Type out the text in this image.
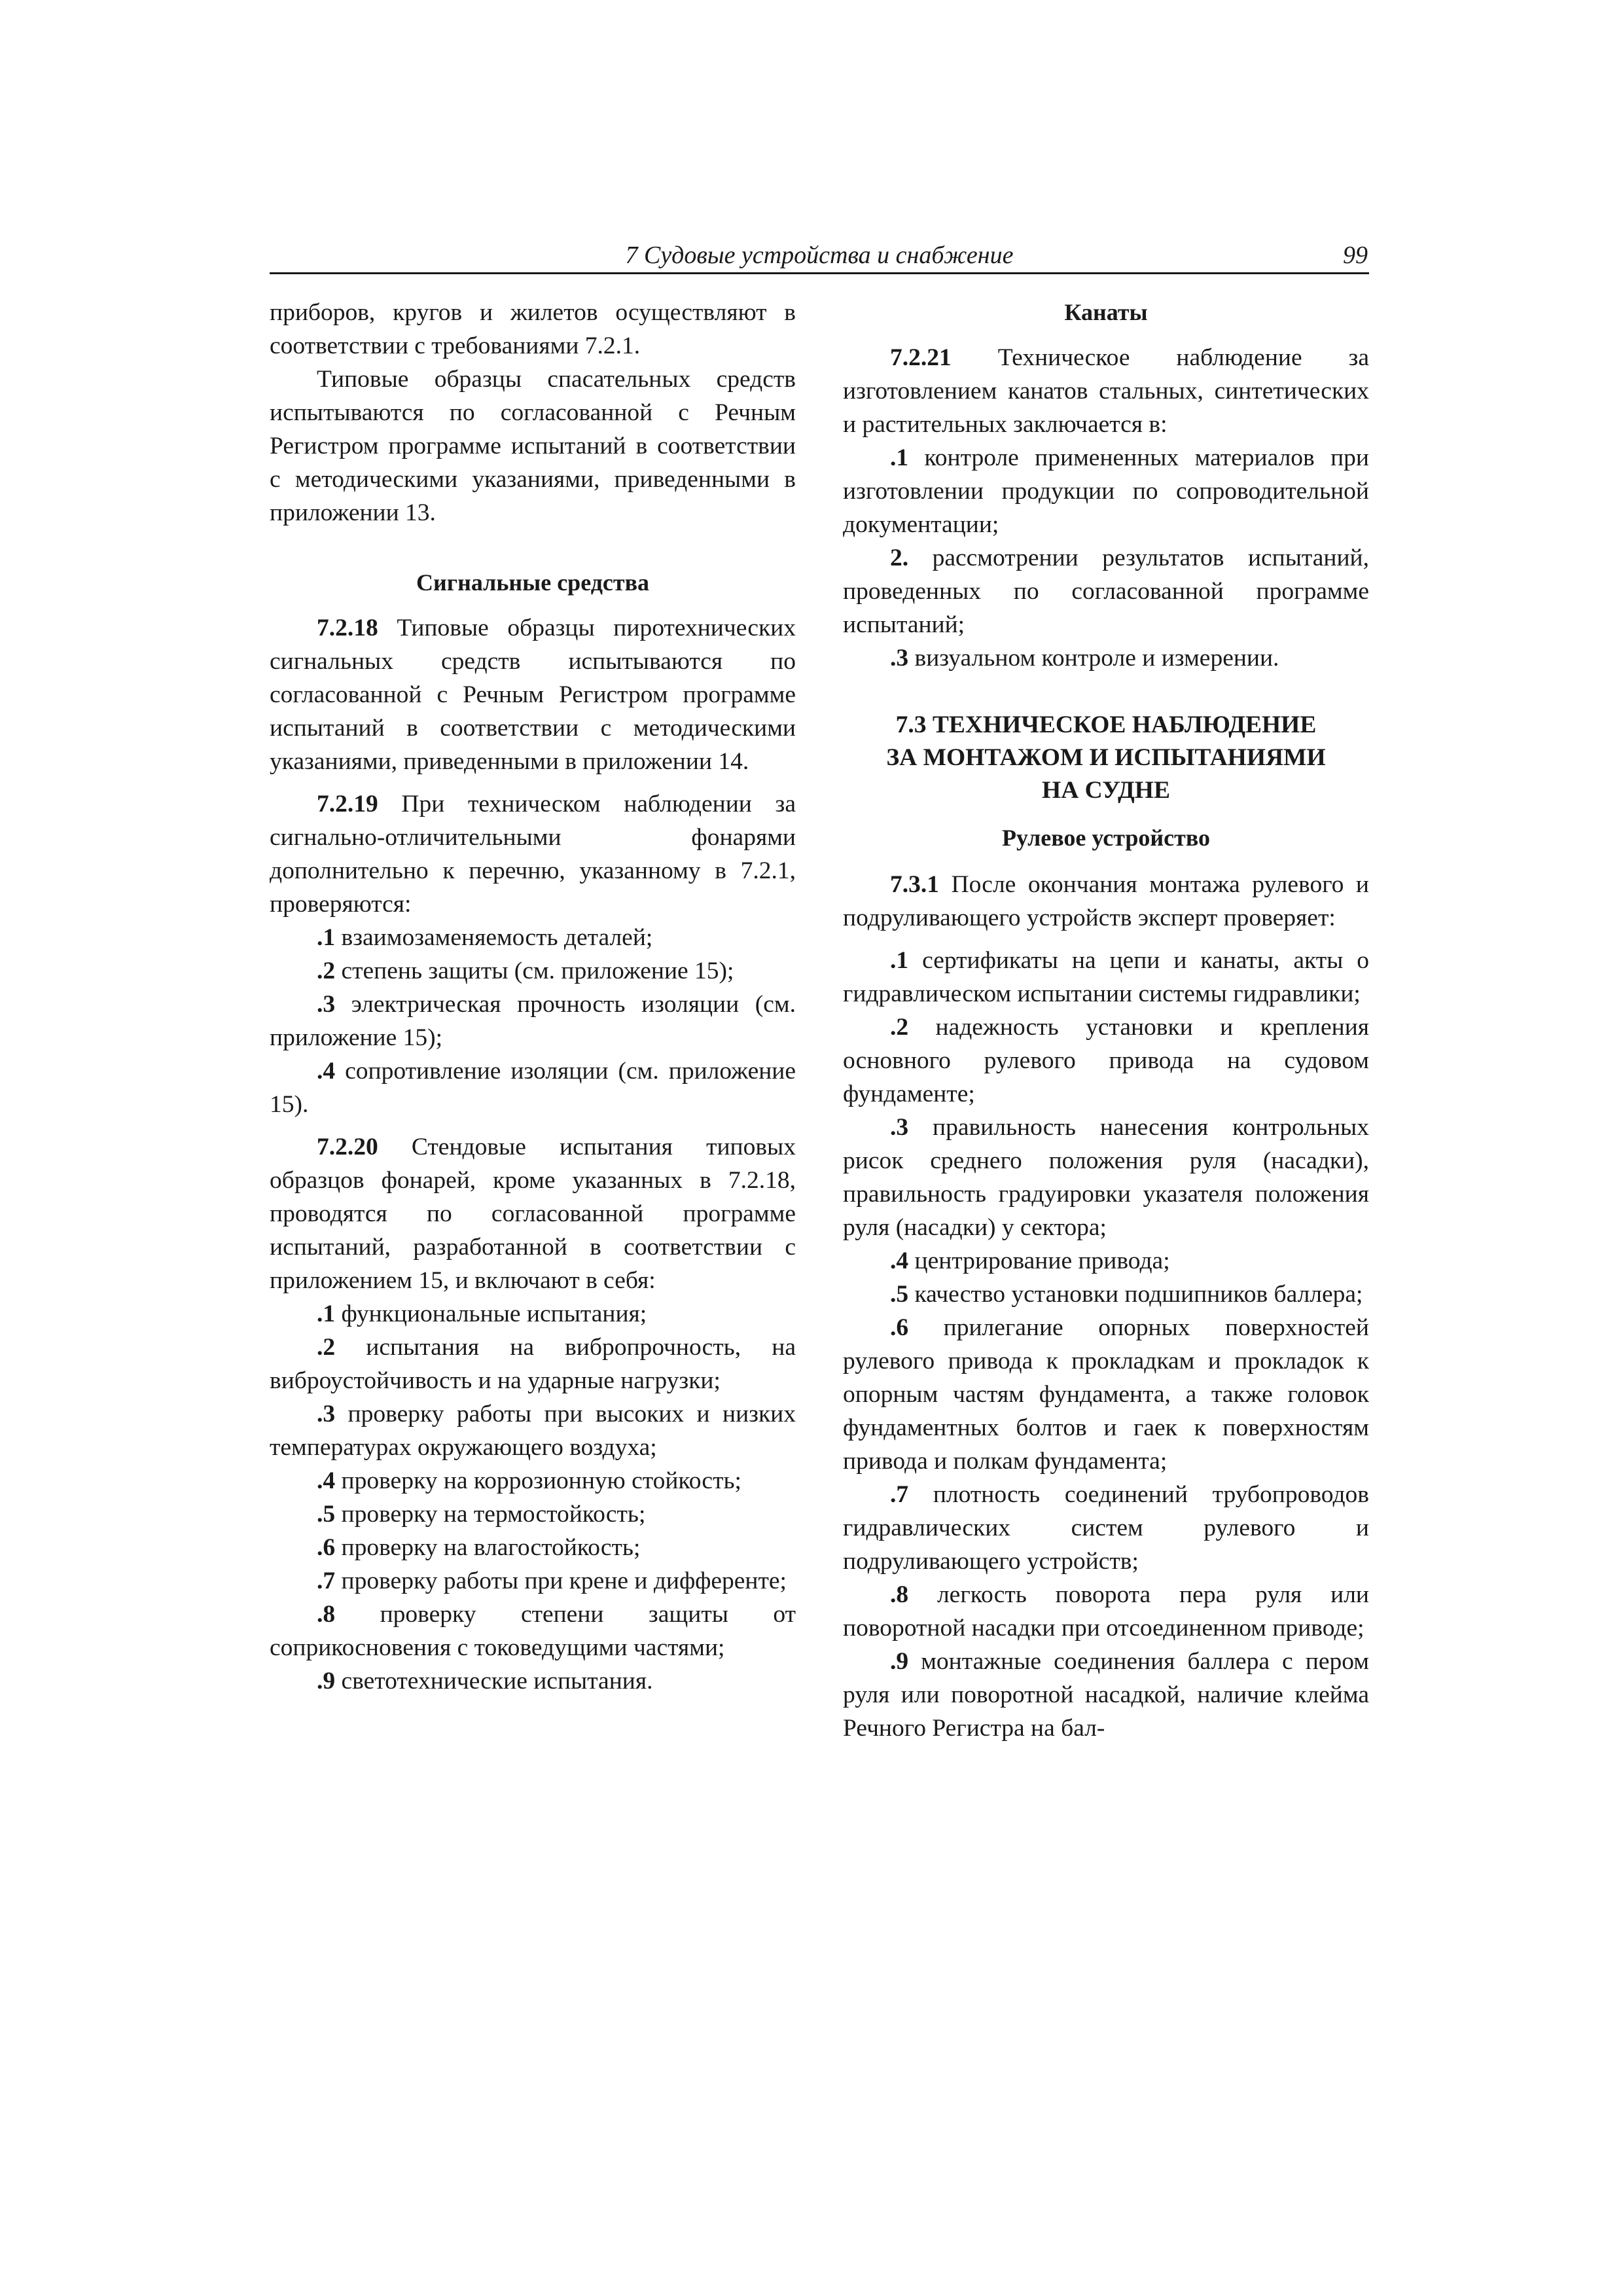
7 Судовые устройства и снабжение	99

приборов, кругов и жилетов осуществляют в соответствии с требованиями 7.2.1.

Типовые образцы спасательных средств испытываются по согласованной с Речным Регистром программе испытаний в соответствии с методическими указаниями, приведенными в приложении 13.

Сигнальные средства

7.2.18 Типовые образцы пиротехнических сигнальных средств испытываются по согласованной с Речным Регистром программе испытаний в соответствии с методическими указаниями, приведенными в приложении 14.

7.2.19 При техническом наблюдении за сигнально-отличительными фонарями дополнительно к перечню, указанному в 7.2.1, проверяются:

.1 взаимозаменяемость деталей;

.2 степень защиты (см. приложение 15);

.3 электрическая прочность изоляции (см. приложение 15);

.4 сопротивление изоляции (см. приложение 15).

7.2.20 Стендовые испытания типовых образцов фонарей, кроме указанных в 7.2.18, проводятся по согласованной программе испытаний, разработанной в соответствии с приложением 15, и включают в себя:

.1 функциональные испытания;

.2 испытания на вибропрочность, на виброустойчивость и на ударные нагрузки;

.3 проверку работы при высоких и низких температурах окружающего воздуха;

.4 проверку на коррозионную стойкость;

.5 проверку на термостойкость;

.6 проверку на влагостойкость;

.7 проверку работы при крене и дифференте;

.8 проверку степени защиты от соприкосновения с токоведущими частями;

.9 светотехнические испытания.

Канаты

7.2.21 Техническое наблюдение за изготовлением канатов стальных, синтетических и растительных заключается в:

.1 контроле примененных материалов при изготовлении продукции по сопроводительной документации;

2. рассмотрении результатов испытаний, проведенных по согласованной программе испытаний;

.3 визуальном контроле и измерении.

7.3 ТЕХНИЧЕСКОЕ НАБЛЮДЕНИЕ

ЗА МОНТАЖОМ И ИСПЫТАНИЯМИ

НА СУДНЕ

Рулевое устройство

7.3.1 После окончания монтажа рулевого и подруливающего устройств эксперт проверяет:

.1 сертификаты на цепи и канаты, акты о гидравлическом испытании системы гидравлики;

.2 надежность установки и крепления основного рулевого привода на судовом фундаменте;

.3 правильность нанесения контрольных рисок среднего положения руля (насадки), правильность градуировки указателя положения руля (насадки) у сектора;

.4 центрирование привода;

.5 качество установки подшипников баллера;

.6 прилегание опорных поверхностей рулевого привода к прокладкам и прокладок к опорным частям фундамента, а также головок фундаментных болтов и гаек к поверхностям привода и полкам фундамента;

.7 плотность соединений трубопроводов гидравлических систем рулевого и подруливающего устройств;

.8 легкость поворота пера руля или поворотной насадки при отсоединенном приводе;

.9 монтажные соединения баллера с пером руля или поворотной насадкой, наличие клейма Речного Регистра на бал-
